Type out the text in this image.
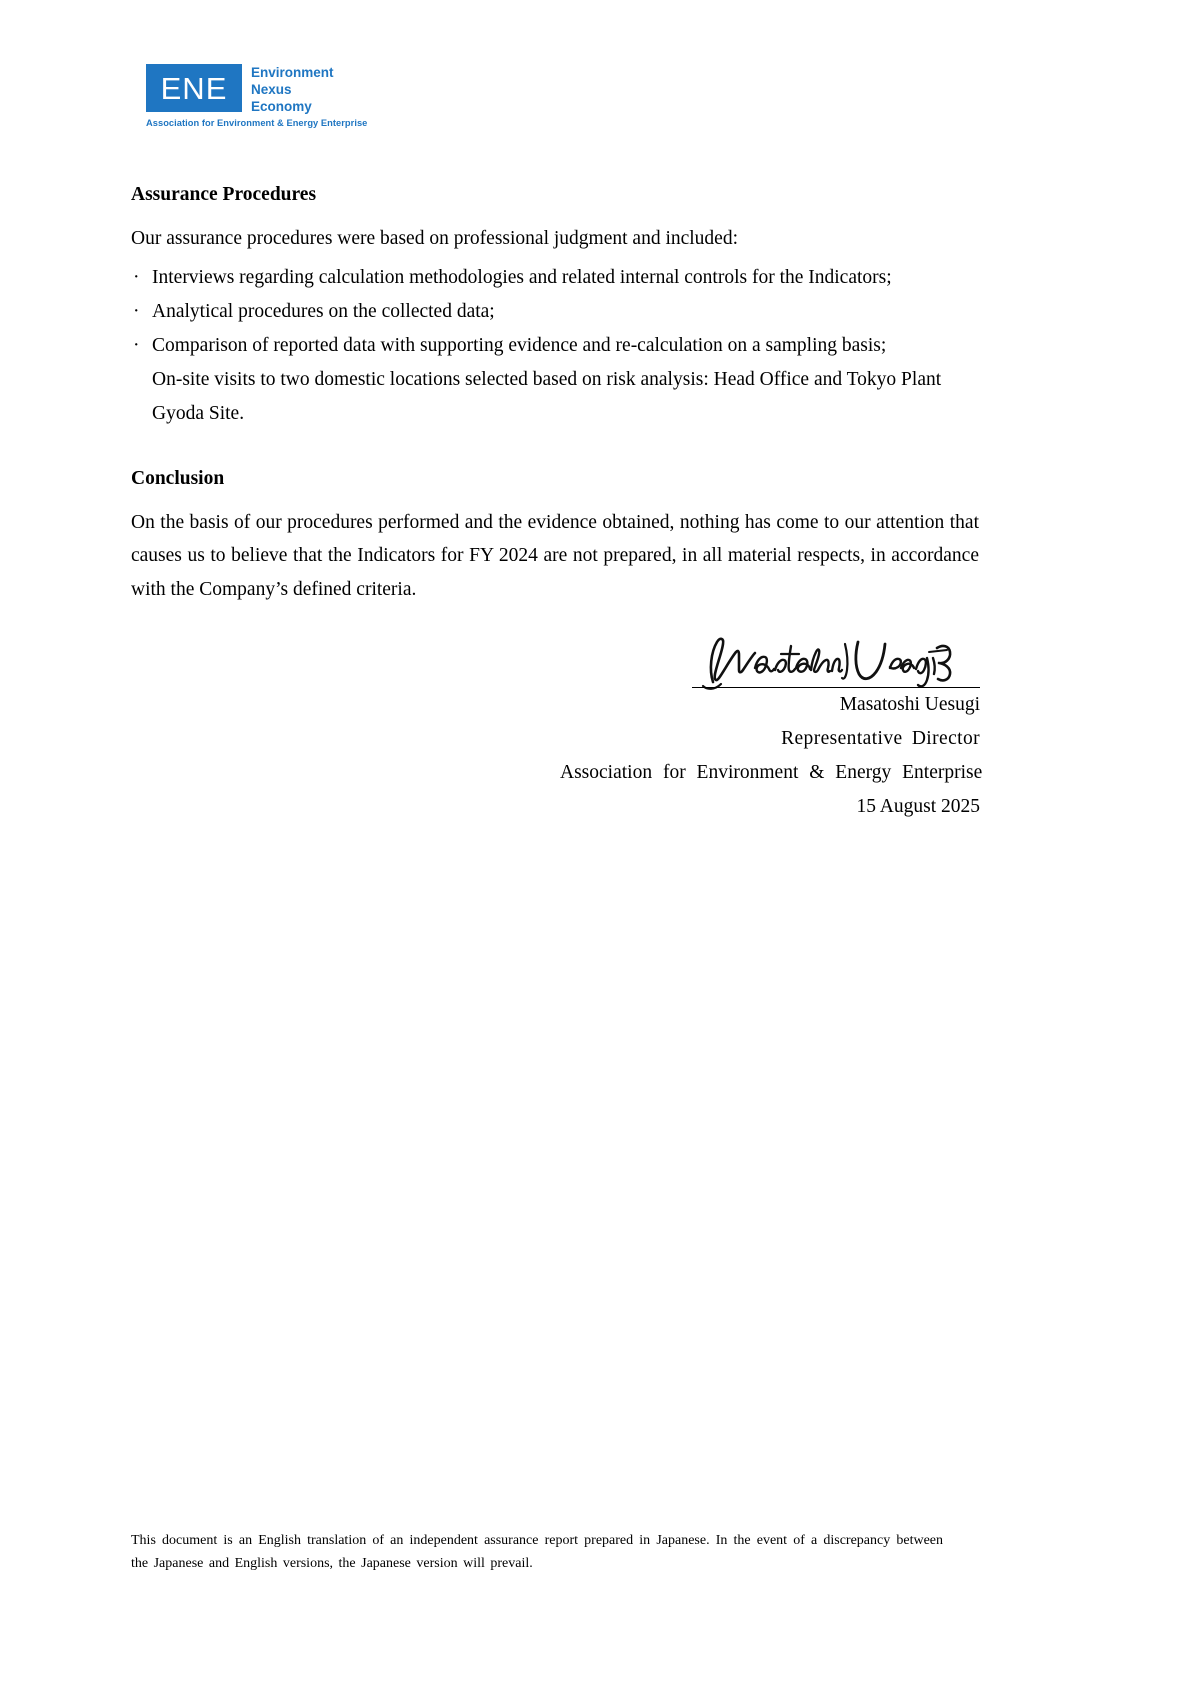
ENE Environment
Nexus
Economy
Association for Environment & Energy Enterprise
Assurance Procedures

Our assurance procedures were based on professional judgment and included:

· Interviews regarding calculation methodologies and related internal controls for the Indicators;
· Analytical procedures on the collected data;
· Comparison of reported data with supporting evidence and re-calculation on a sampling basis;

On-site visits to two domestic locations selected based on risk analysis: Head Office and Tokyo Plant Gyoda Site.

Conclusion

On the basis of our procedures performed and the evidence obtained, nothing has come to our attention that causes us to believe that the Indicators for FY 2024 are not prepared, in all material respects, in accordance with the Company’s defined criteria.

Masatoshi Uesugi

Representative Director

Association for Environment & Energy Enterprise

15 August 2025

This document is an English translation of an independent assurance report prepared in Japanese. In the event of a discrepancy between the Japanese and English versions, the Japanese version will prevail.
